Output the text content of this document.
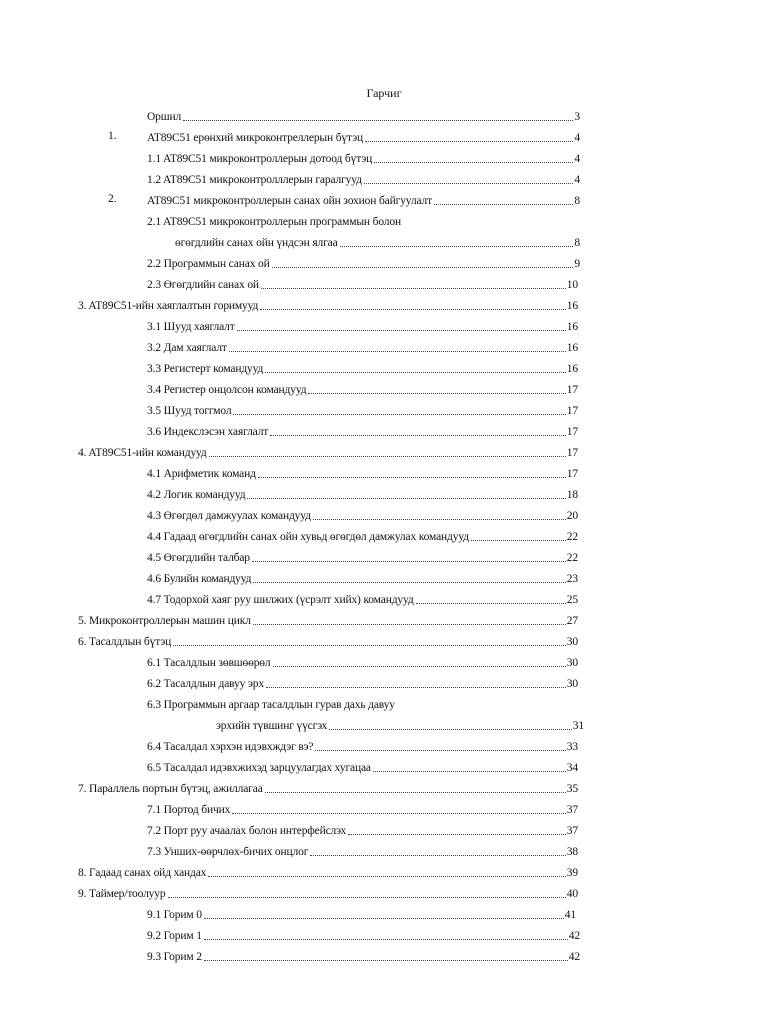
Гарчиг
Оршил	3
1.	AT89C51 ерөнхий микроконтреллерын бүтэц	4
1.1 AT89C51 микроконтроллерын дотоод бүтэц	4
1.2 AT89C51 микроконтролллерын гаралгууд	4
2.	AT89C51 микроконтроллерын санах ойн зохион байгуулалт	8
2.1 AT89C51 микроконтроллерын программын болон
өгөгдлийн санах ойн үндсэн ялгаа	8
2.2 Программын санах ой	9
2.3 Өгөгдлийн санах ой	10
3. AT89C51-ийн хаяглалтын горимууд	16
3.1 Шууд хаяглалт	16
3.2 Дам хаяглалт	16
3.3 Регистерт командууд	16
3.4 Регистер онцолсон командууд	17
3.5 Шууд тоггмол	17
3.6 Индекслэсэн хаяглалт	17
4. AT89C51-ийн командууд	17
4.1 Арифметик команд	17
4.2 Логик командууд	18
4.3 Өгөгдөл дамжуулах командууд	20
4.4 Гадаад өгөгдлийн санах ойн хувьд өгөгдөл дамжулах командууд	22
4.5 Өгөгдлийн талбар	22
4.6 Булийн командууд	23
4.7 Тодорхой хаяг руу шилжих (үсрэлт хийх) командууд	25
5. Микроконтроллерын машин цикл	27
6. Тасалдлын бүтэц	30
6.1 Тасалдлын зөвшөөрөл	30
6.2 Тасалдлын давуу эрх	30
6.3 Программын аргаар тасалдлын гурав дахь давуу
эрхийн түвшинг үүсгэх	31
6.4 Тасалдал хэрхэн идэвхждэг вэ?	33
6.5 Тасалдал идэвхжихэд зарцуулагдах хугацаа	34
7. Параллель портын бүтэц, ажиллагаа	35
7.1 Портод бичих	37
7.2 Порт руу ачаалах болон интерфейслэх	37
7.3 Унших-өөрчлөх-бичих онцлог	38
8. Гадаад санах ойд хандах	39
9. Таймер/тоолуур	40
9.1 Горим 0	41
9.2 Горим 1	42
9.3 Горим 2	42
